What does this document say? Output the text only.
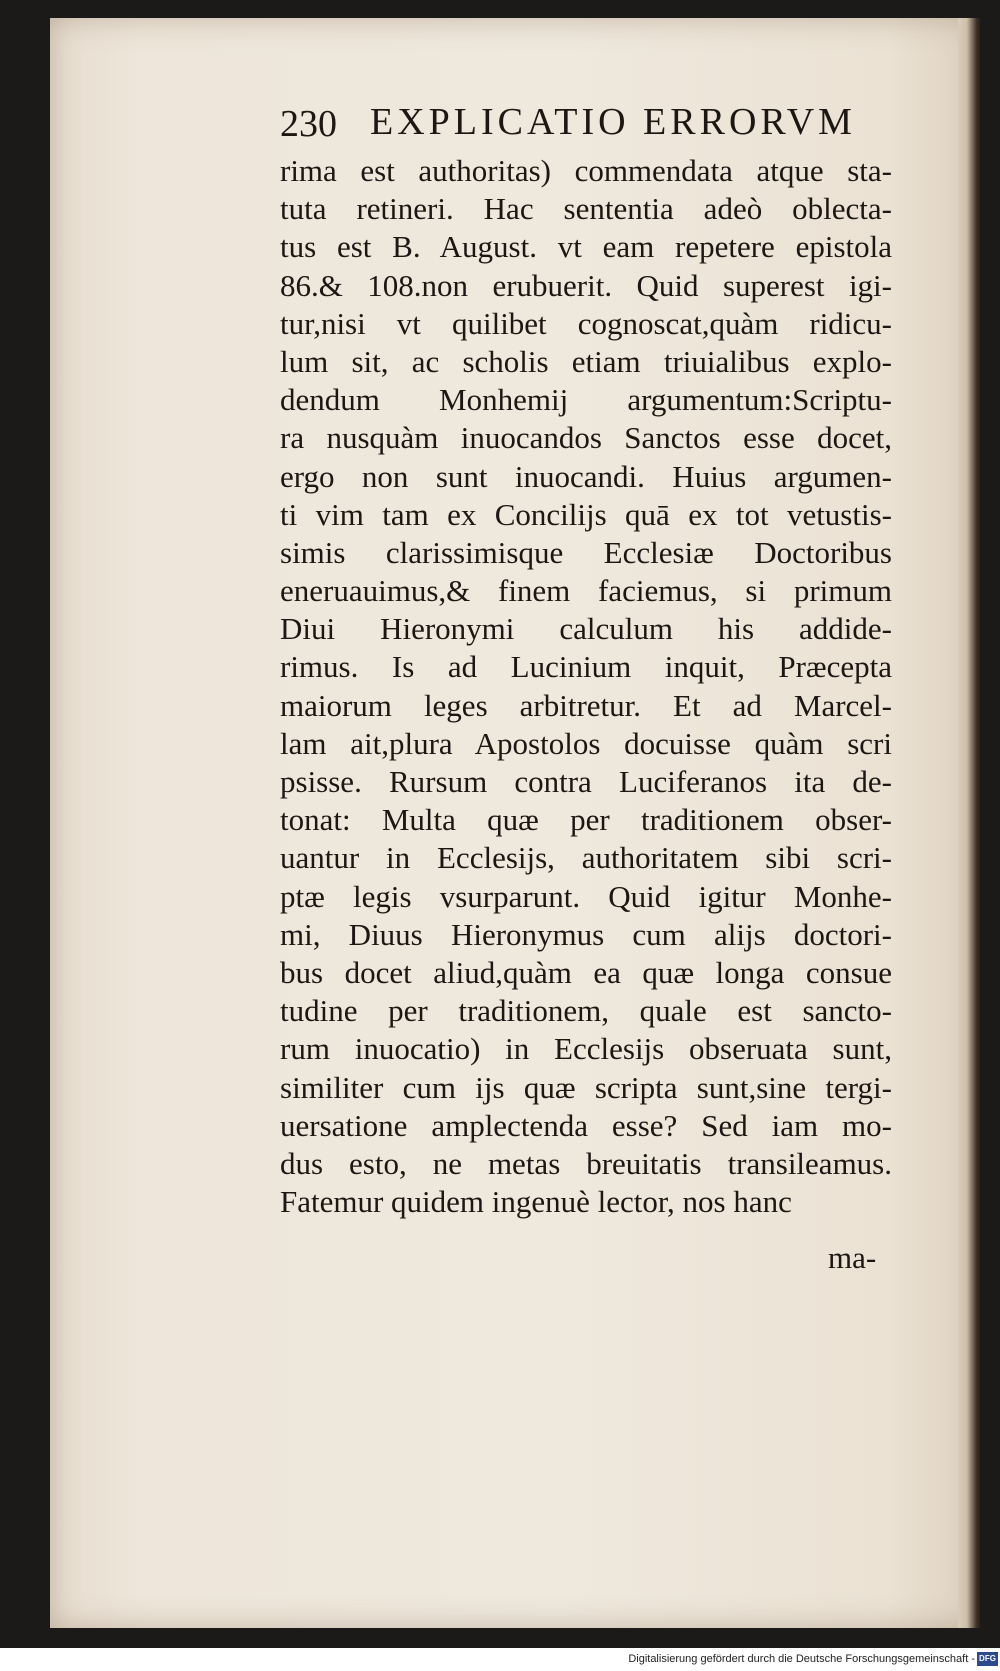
230 EXPLICATIO ERRORVM
rima est authoritas) commendata atque sta-
tuta retineri. Hac sententia adeò oblecta-
tus est B. August. vt eam repetere epistola
86.& 108.non erubuerit. Quid superest igi-
tur,nisi vt quilibet cognoscat,quàm ridicu-
lum sit, ac scholis etiam triuialibus explo-
dendum Monhemij argumentum:Scriptu-
ra nusquàm inuocandos Sanctos esse docet,
ergo non sunt inuocandi. Huius argumen-
ti vim tam ex Concilijs quā ex tot vetustis-
simis clarissimisque Ecclesiæ Doctoribus
eneruauimus,& finem faciemus, si primum
Diui Hieronymi calculum his addide-
rimus. Is ad Lucinium inquit, Præcepta
maiorum leges arbitretur. Et ad Marcel-
lam ait,plura Apostolos docuisse quàm scri
psisse. Rursum contra Luciferanos ita de-
tonat: Multa quæ per traditionem obser-
uantur in Ecclesijs, authoritatem sibi scri-
ptæ legis vsurparunt. Quid igitur Monhe-
mi, Diuus Hieronymus cum alijs doctori-
bus docet aliud,quàm ea quæ longa consue
tudine per traditionem, quale est sancto-
rum inuocatio) in Ecclesijs obseruata sunt,
similiter cum ijs quæ scripta sunt,sine tergi-
uersatione amplectenda esse? Sed iam mo-
dus esto, ne metas breuitatis transileamus.
Fatemur quidem ingenuè lector, nos hanc
ma-
Digitalisierung gefördert durch die Deutsche Forschungsgemeinschaft - DFG
